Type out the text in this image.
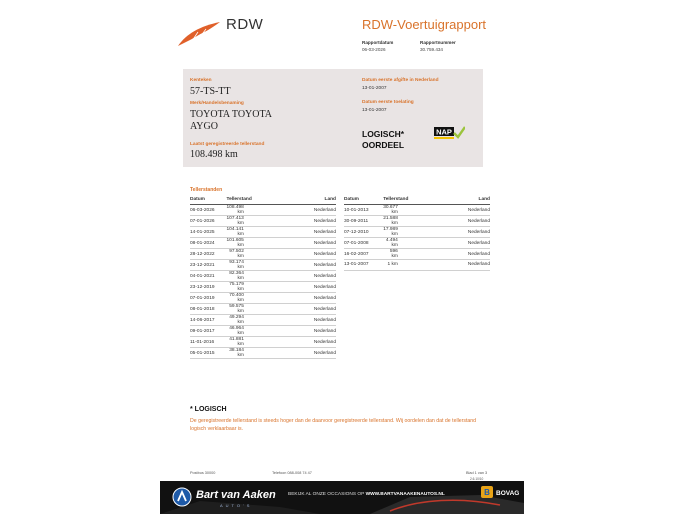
RDW	RDW-Voertuigrapport
Rapportdatum
06-03-2026
Rapportnummer
30.759.434
Kenteken
57-TS-TT
Merk/Handelsbenaming
TOYOTA TOYOTA
AYGO
Laatst geregistreerde tellerstand
108.498 km
Datum eerste afgifte in Nederland
13-01-2007
Datum eerste toelating
13-01-2007
LOGISCH*
OORDEEL
NAP
Tellerstanden
Datum	Tellerstand	Land
06-03-2026	108.498 km	Nederland
07-01-2026	107.413 km	Nederland
14-01-2025	104.141 km	Nederland
08-01-2024	101.605 km	Nederland
28-12-2022	97.502 km	Nederland
23-12-2021	93.174 km	Nederland
04-01-2021	82.364 km	Nederland
23-12-2019	75.179 km	Nederland
07-01-2019	70.400 km	Nederland
08-01-2018	59.575 km	Nederland
14-06-2017	49.294 km	Nederland
09-01-2017	46.964 km	Nederland
11-01-2016	41.881 km	Nederland
05-01-2015	38.184 km	Nederland
Datum	Tellerstand	Land
10-01-2013	30.677 km	Nederland
30-09-2011	21.588 km	Nederland
07-12-2010	17.989 km	Nederland
07-01-2008	4.494 km	Nederland
16-02-2007	596 km	Nederland
13-01-2007	1 km	Nederland
* LOGISCH
De geregistreerde tellerstand is steeds hoger dan de daarvoor geregistreerde tellerstand. Wij oordelen dan dat de tellerstand logisch verklaarbaar is.
Postbus 30000	Telefoon 088-008 74 47	Blad 1 van 3
2.6.10/10
Bart van Aaken
AUTO'S
BEKIJK AL ONZE OCCASIONS OP WWW.BARTVANAAKENAUTOS.NL	B BOVAG
